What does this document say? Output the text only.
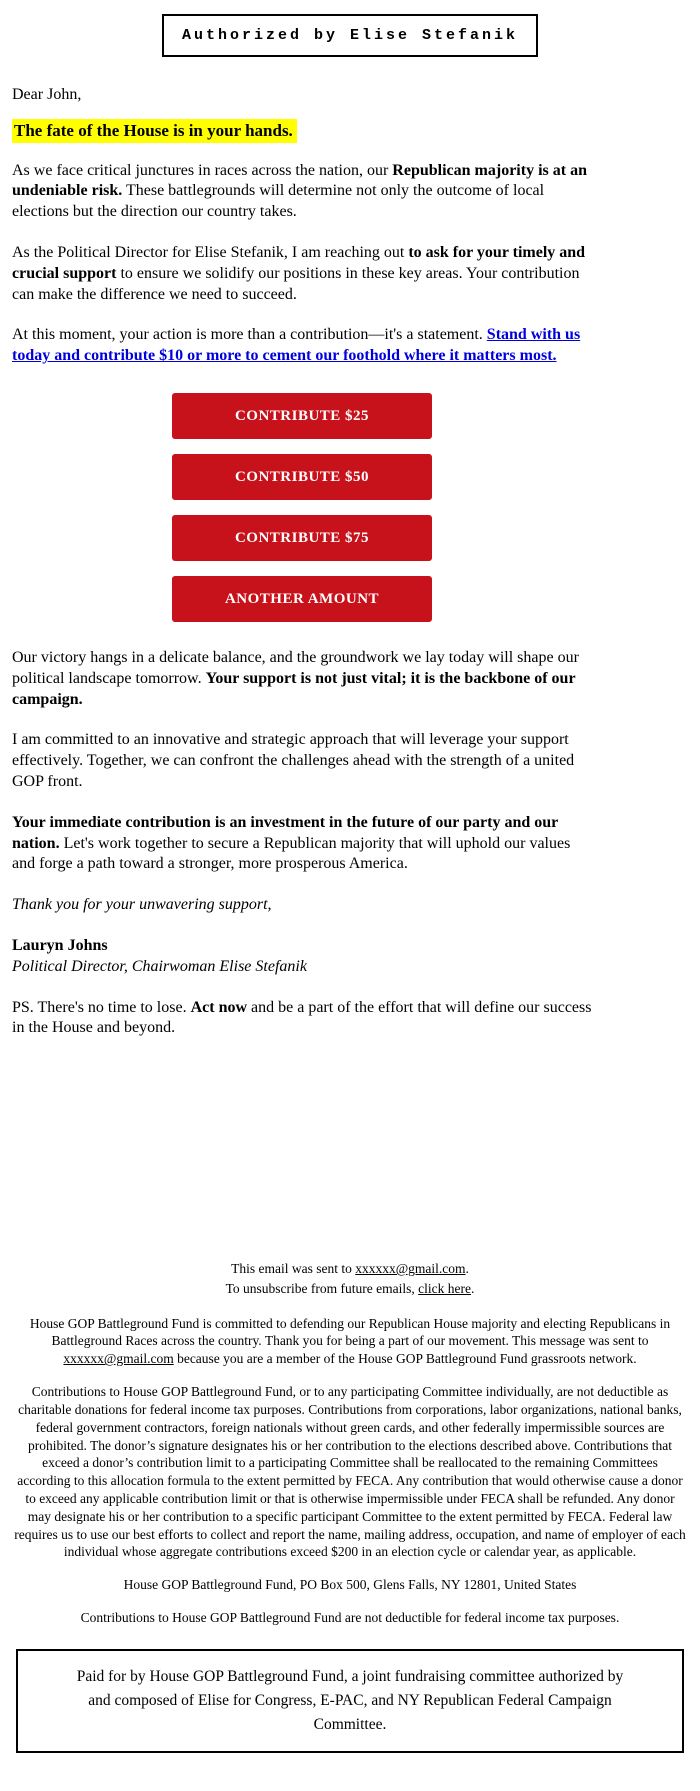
Authorized by Elise Stefanik

Dear John,

The fate of the House is in your hands.

As we face critical junctures in races across the nation, our Republican majority is at an undeniable risk. These battlegrounds will determine not only the outcome of local elections but the direction our country takes.

As the Political Director for Elise Stefanik, I am reaching out to ask for your timely and crucial support to ensure we solidify our positions in these key areas. Your contribution can make the difference we need to succeed.

At this moment, your action is more than a contribution—it's a statement. Stand with us today and contribute $10 or more to cement our foothold where it matters most.

CONTRIBUTE $25
CONTRIBUTE $50
CONTRIBUTE $75
ANOTHER AMOUNT

Our victory hangs in a delicate balance, and the groundwork we lay today will shape our political landscape tomorrow. Your support is not just vital; it is the backbone of our campaign.

I am committed to an innovative and strategic approach that will leverage your support effectively. Together, we can confront the challenges ahead with the strength of a united GOP front.

Your immediate contribution is an investment in the future of our party and our nation. Let's work together to secure a Republican majority that will uphold our values and forge a path toward a stronger, more prosperous America.

Thank you for your unwavering support,

Lauryn Johns

Political Director, Chairwoman Elise Stefanik

PS. There's no time to lose. Act now and be a part of the effort that will define our success in the House and beyond.

This email was sent to xxxxxx@gmail.com.
To unsubscribe from future emails, click here.

House GOP Battleground Fund is committed to defending our Republican House majority and electing Republicans in Battleground Races across the country. Thank you for being a part of our movement. This message was sent to xxxxxx@gmail.com because you are a member of the House GOP Battleground Fund grassroots network.

Contributions to House GOP Battleground Fund, or to any participating Committee individually, are not deductible as charitable donations for federal income tax purposes. Contributions from corporations, labor organizations, national banks, federal government contractors, foreign nationals without green cards, and other federally impermissible sources are prohibited. The donor’s signature designates his or her contribution to the elections described above. Contributions that exceed a donor’s contribution limit to a participating Committee shall be reallocated to the remaining Committees according to this allocation formula to the extent permitted by FECA. Any contribution that would otherwise cause a donor to exceed any applicable contribution limit or that is otherwise impermissible under FECA shall be refunded. Any donor may designate his or her contribution to a specific participant Committee to the extent permitted by FECA. Federal law requires us to use our best efforts to collect and report the name, mailing address, occupation, and name of employer of each individual whose aggregate contributions exceed $200 in an election cycle or calendar year, as applicable.

House GOP Battleground Fund, PO Box 500, Glens Falls, NY 12801, United States

Contributions to House GOP Battleground Fund are not deductible for federal income tax purposes.

Paid for by House GOP Battleground Fund, a joint fundraising committee authorized by and composed of Elise for Congress, E-PAC, and NY Republican Federal Campaign Committee.
